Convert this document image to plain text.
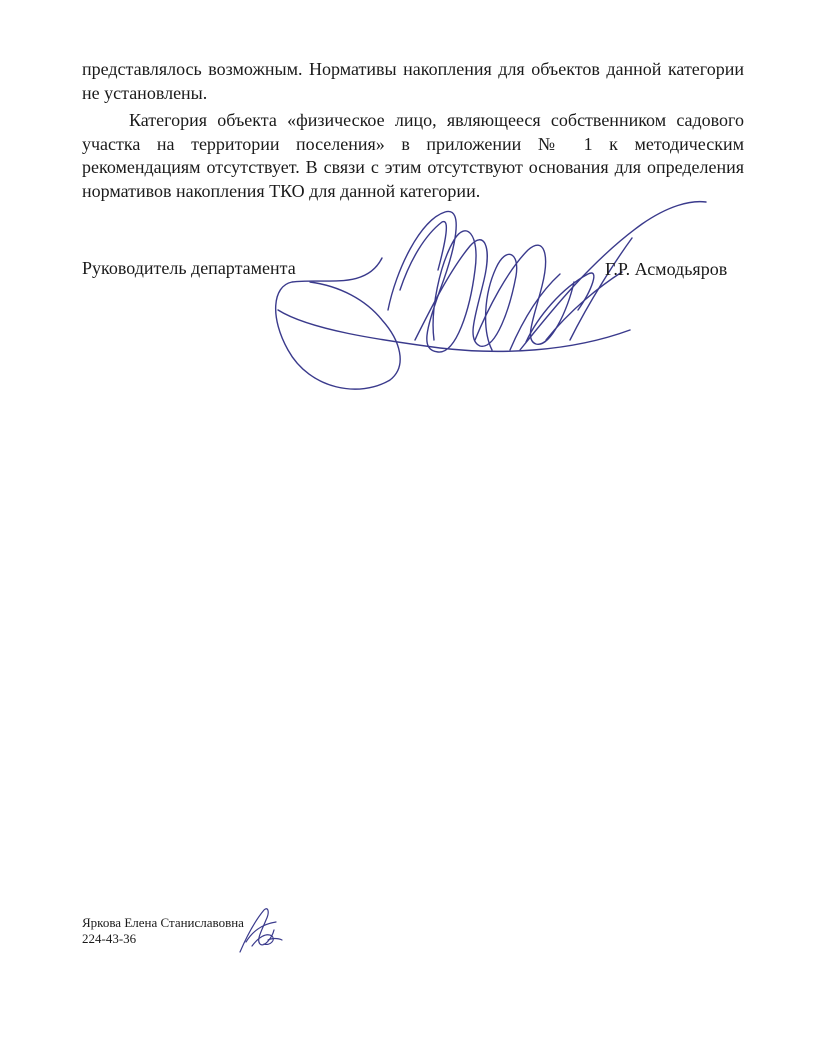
представлялось возможным. Нормативы накопления для объектов данной категории не установлены.

Категория объекта «физическое лицо, являющееся собственником садового участка на территории поселения» в приложении № 1 к методическим рекомендациям отсутствует. В связи с этим отсутствуют основания для определения нормативов накопления ТКО для данной категории.

Руководитель департамента	Г.Р. Асмодьяров
Яркова Елена Станиславовна
224-43-36
